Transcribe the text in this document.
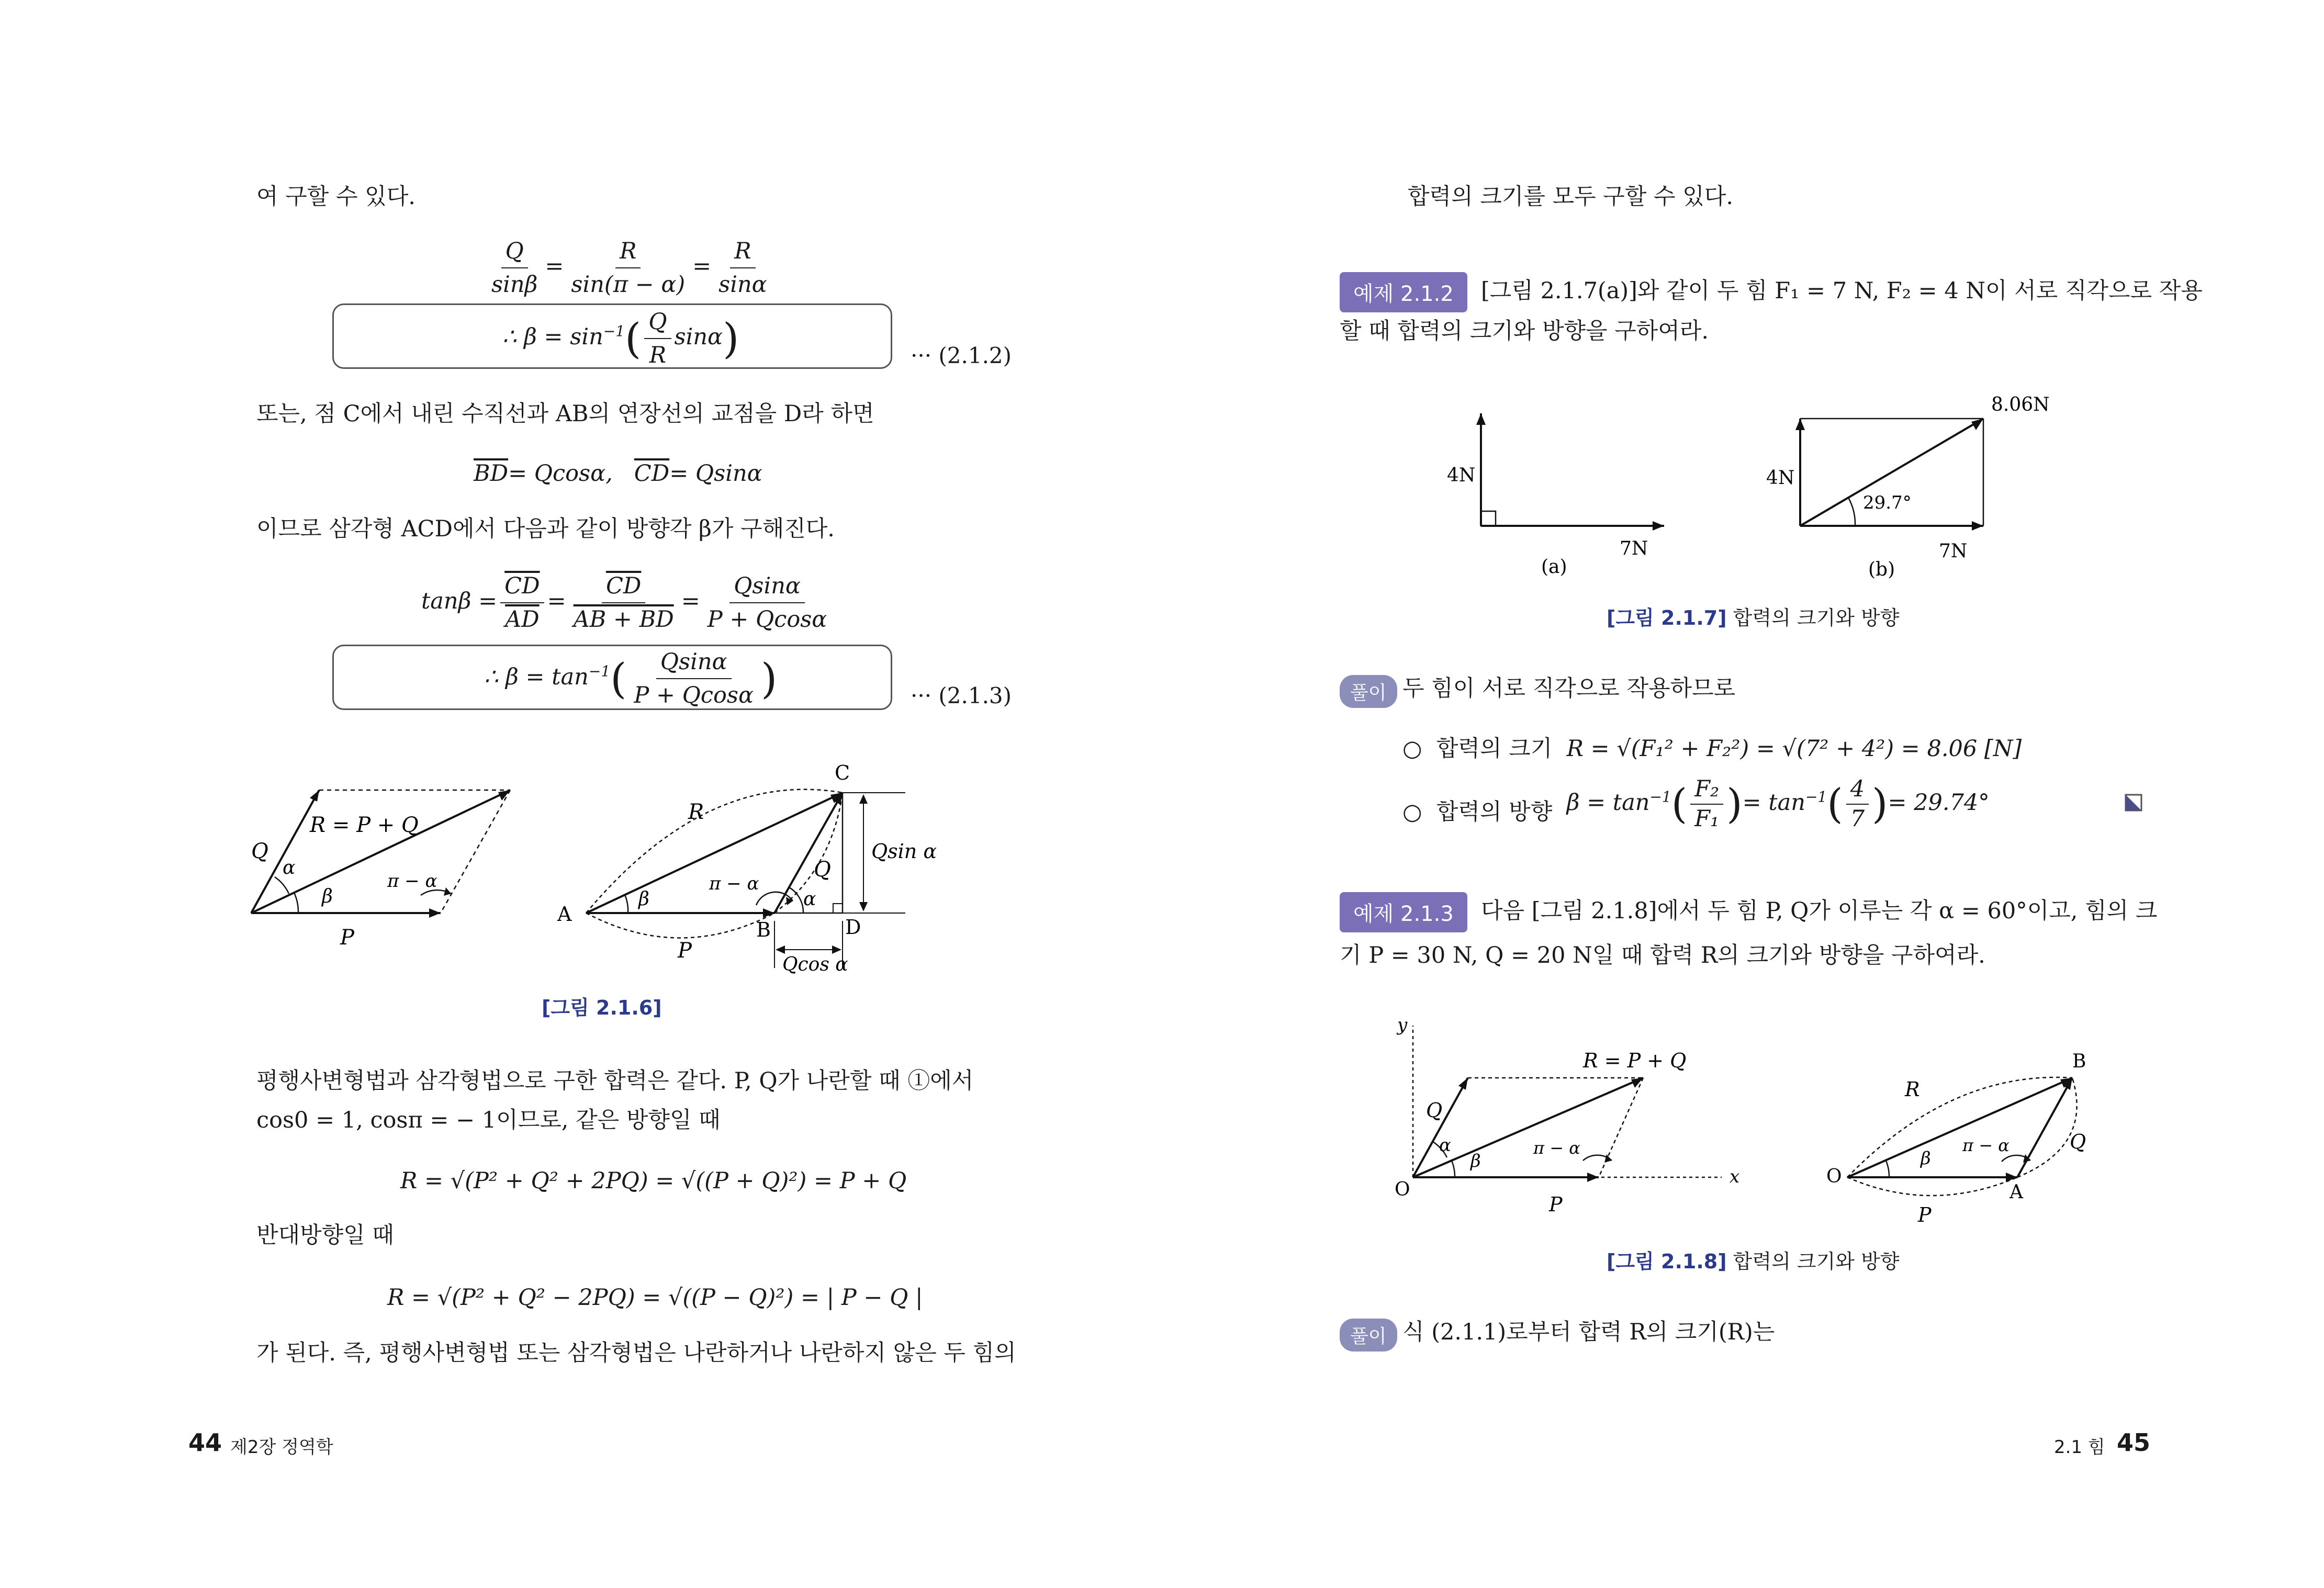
여 구할 수 있다.
$\frac{Q}{\sin\beta} = \frac{R}{\sin(\pi - \alpha)} = \frac{R}{\sin\alpha}$
∴ $\beta = \sin^{-1}( \frac{Q}{R} \sin\alpha)$	··· (2.1.2)
또는, 점 C에서 내린 수직선과 AB의 연장선의 교점을 D라 하면
$\overline{BD}= Qcos\alpha$, $\overline{CD}= Qsin\alpha$
이므로 삼각형 ACD에서 다음과 같이 방향각 β가 구해진다.
$\tan\beta = \frac{\overline{CD}}{AD} = \frac{\overline{CD}}{AB + BD} = \frac{Qsin\alpha}{P + Qcos\alpha}$
∴ $\beta = \tan^{-1}( \frac{Qsin\alpha}{P + Qcos\alpha}$ )	··· (2.1.3)
R = P + Q
Q
P
α
β
π − α
A
B
C
D
R
P
Q
β	α
π − α
Qsin α
Qcos α
[그림 2.1.6]
평행사변형법과 삼각형법으로 구한 합력은 같다. P, Q가 나란할 때 ①에서
cos0 = 1, cosπ = − 1이므로, 같은 방향일 때
R = √(P² + Q² + 2PQ) = √((P + Q)²) = P + Q
반대방향일 때
R = √(P² + Q² − 2PQ) = √((P − Q)²) = | P − Q |
가 된다. 즉, 평행사변형법 또는 삼각형법은 나란하거나 나란하지 않은 두 힘의
44 제2장 정역학
합력의 크기를 모두 구할 수 있다.
예제 2.1.2	[그림 2.1.7(a)]와 같이 두 힘 F₁ = 7 N, F₂ = 4 N이 서로 직각으로 작용
할 때 합력의 크기와 방향을 구하여라.
4N
7N
(a)
4N
7N
8.06N
29.7°
(b)
[그림 2.1.7] 합력의 크기와 방향
풀이 두 힘이 서로 직각으로 작용하므로
○ 합력의 크기 R = √(F₁² + F₂²) = √(7² + 4²) = 8.06 [N]
○ 합력의 방향 $\beta = \tan^{-1}( \frac{\text{F₂}}{\text{F₁}}$ )= $\tan^{-1}( \frac{4}{7}$ )= 29.74°
예제 2.1.3	다음 [그림 2.1.8]에서 두 힘 P, Q가 이루는 각 α = 60°이고, 힘의 크
기 P = 30 N, Q = 20 N일 때 합력 R의 크기와 방향을 구하여라.
y
x
O
R = P + Q
Q
P
α
β
π − α
O
A
B
R
Q
P
β
π − α
[그림 2.1.8] 합력의 크기와 방향
풀이 식 (2.1.1)로부터 합력 R의 크기(R)는
2.1 힘 45
